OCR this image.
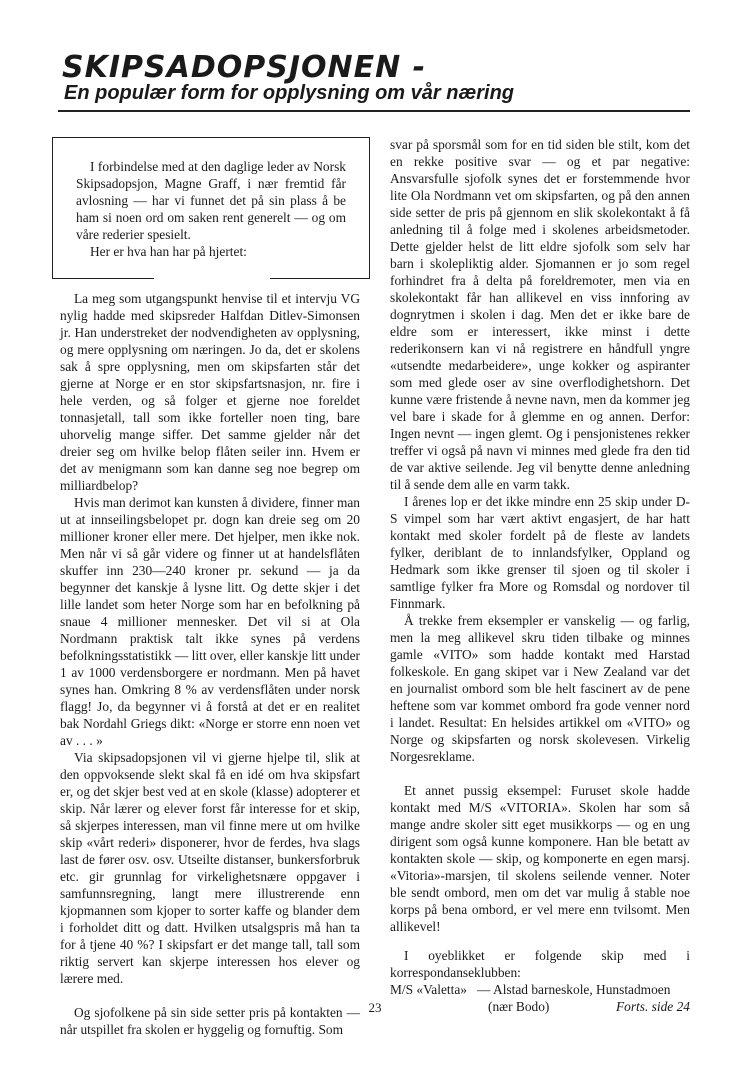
SKIPSADOPSJONEN -
En populær form for opplysning om vår næring

I forbindelse med at den daglige leder av Norsk Skipsadopsjon, Magne Graff, i nær fremtid får avlosning — har vi funnet det på sin plass å be ham si noen ord om saken rent generelt — og om våre rederier spesielt.

Her er hva han har på hjertet:

La meg som utgangspunkt henvise til et intervju VG nylig hadde med skipsreder Halfdan Ditlev-Simonsen jr. Han understreket der nodvendigheten av opplysning, og mere opplysning om næringen. Jo da, det er skolens sak å spre opplysning, men om skipsfarten står det gjerne at Norge er en stor skipsfartsnasjon, nr. fire i hele verden, og så folger et gjerne noe foreldet tonnasjetall, tall som ikke forteller noen ting, bare uhorvelig mange siffer. Det samme gjelder når det dreier seg om hvilke belop flåten seiler inn. Hvem er det av menigmann som kan danne seg noe begrep om milliardbelop?

Hvis man derimot kan kunsten å dividere, finner man ut at innseilingsbelopet pr. dogn kan dreie seg om 20 millioner kroner eller mere. Det hjelper, men ikke nok. Men når vi så går videre og finner ut at handelsflåten skuffer inn 230—240 kroner pr. sekund — ja da begynner det kanskje å lysne litt. Og dette skjer i det lille landet som heter Norge som har en befolkning på snaue 4 millioner mennesker. Det vil si at Ola Nordmann praktisk talt ikke synes på verdens befolkningsstatistikk — litt over, eller kanskje litt under 1 av 1000 verdensborgere er nordmann. Men på havet synes han. Omkring 8 % av verdensflåten under norsk flagg! Jo, da begynner vi å forstå at det er en realitet bak Nordahl Griegs dikt: «Norge er storre enn noen vet av . . . »

Via skipsadopsjonen vil vi gjerne hjelpe til, slik at den oppvoksende slekt skal få en idé om hva skipsfart er, og det skjer best ved at en skole (klasse) adopterer et skip. Når lærer og elever forst får interesse for et skip, så skjerpes interessen, man vil finne mere ut om hvilke skip «vårt rederi» disponerer, hvor de ferdes, hva slags last de fører osv. osv. Utseilte distanser, bunkersforbruk etc. gir grunnlag for virkelighetsnære oppgaver i samfunnsregning, langt mere illustrerende enn kjopmannen som kjoper to sorter kaffe og blander dem i forholdet ditt og datt. Hvilken utsalgspris må han ta for å tjene 40 %? I skipsfart er det mange tall, tall som riktig servert kan skjerpe interessen hos elever og lærere med.

Og sjofolkene på sin side setter pris på kontakten — når utspillet fra skolen er hyggelig og fornuftig. Som

svar på sporsmål som for en tid siden ble stilt, kom det en rekke positive svar — og et par negative: Ansvarsfulle sjofolk synes det er forstemmende hvor lite Ola Nordmann vet om skipsfarten, og på den annen side setter de pris på gjennom en slik skolekontakt å få anledning til å folge med i skolenes arbeidsmetoder. Dette gjelder helst de litt eldre sjofolk som selv har barn i skolepliktig alder. Sjomannen er jo som regel forhindret fra å delta på foreldremoter, men via en skolekontakt får han allikevel en viss innforing av dognrytmen i skolen i dag. Men det er ikke bare de eldre som er interessert, ikke minst i dette rederikonsern kan vi nå registrere en håndfull yngre «utsendte medarbeidere», unge kokker og aspiranter som med glede oser av sine overflodighetshorn. Det kunne være fristende å nevne navn, men da kommer jeg vel bare i skade for å glemme en og annen. Derfor: Ingen nevnt — ingen glemt. Og i pensjonistenes rekker treffer vi også på navn vi minnes med glede fra den tid de var aktive seilende. Jeg vil benytte denne anledning til å sende dem alle en varm takk.

I årenes lop er det ikke mindre enn 25 skip under D-S vimpel som har vært aktivt engasjert, de har hatt kontakt med skoler fordelt på de fleste av landets fylker, deriblant de to innlandsfylker, Oppland og Hedmark som ikke grenser til sjoen og til skoler i samtlige fylker fra More og Romsdal og nordover til Finnmark.

Å trekke frem eksempler er vanskelig — og farlig, men la meg allikevel skru tiden tilbake og minnes gamle «VITO» som hadde kontakt med Harstad folkeskole. En gang skipet var i New Zealand var det en journalist ombord som ble helt fascinert av de pene heftene som var kommet ombord fra gode venner nord i landet. Resultat: En helsides artikkel om «VITO» og Norge og skipsfarten og norsk skolevesen. Virkelig Norgesreklame.

Et annet pussig eksempel: Furuset skole hadde kontakt med M/S «VITORIA». Skolen har som så mange andre skoler sitt eget musikkorps — og en ung dirigent som også kunne komponere. Han ble betatt av kontakten skole — skip, og komponerte en egen marsj. «Vitoria»-marsjen, til skolens seilende venner. Noter ble sendt ombord, men om det var mulig å stable noe korps på bena ombord, er vel mere enn tvilsomt. Men allikevel!

I oyeblikket er folgende skip med i korrespondanseklubben:

M/S «Valetta» — Alstad barneskole, Hunstadmoen

(nær Bodo)	Forts. side 24

23
